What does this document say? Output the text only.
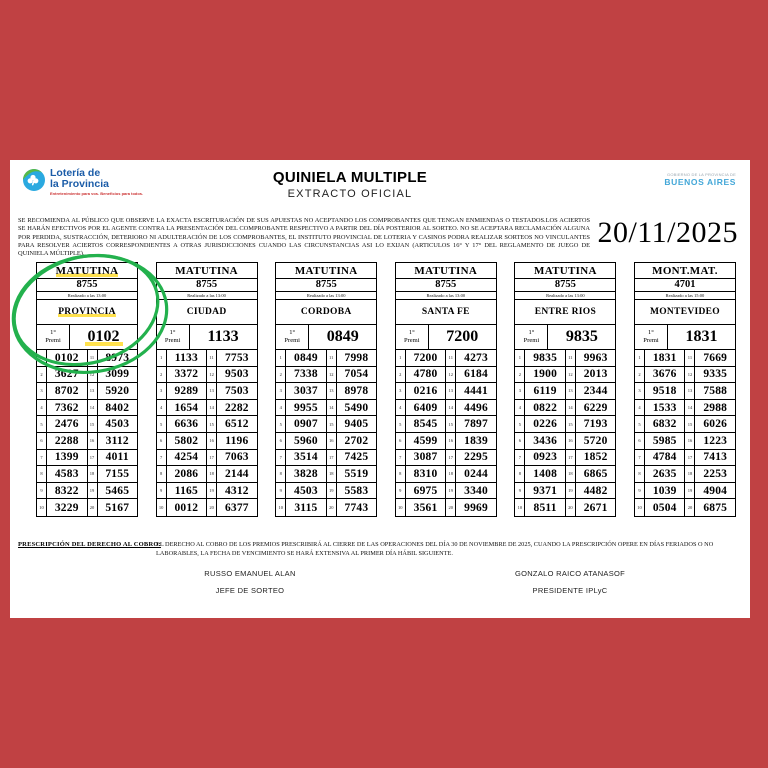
Lotería de
la Provincia
Entretenimiento para vos. Beneficios para todos.
QUINIELA MULTIPLE
EXTRACTO OFICIAL
GOBIERNO DE LA PROVINCIA DE
BUENOS AIRES
SE RECOMIENDA AL PÚBLICO QUE OBSERVE LA EXACTA ESCRITURACIÓN DE SUS APUESTAS NO ACEPTANDO LOS COMPROBANTES QUE TENGAN ENMIENDAS O TESTADOS.LOS ACIERTOS SE HARÁN EFECTIVOS POR EL AGENTE CONTRA LA PRESENTACIÓN DEL COMPROBANTE RESPECTIVO A PARTIR DEL DÍA POSTERIOR AL SORTEO. NO SE ACEPTARA RECLAMACIÓN ALGUNA POR PERDIDA, SUSTRACCIÓN, DETERIORO NI ADULTERACIÓN DE LOS COMPROBANTES, EL INSTITUTO PROVINCIAL DE LOTERIA Y CASINOS PODRA REALIZAR SORTEOS NO VINCULANTES PARA RESOLVER ACIERTOS CORRESPONDIENTES A OTRAS JURISDICCIONES CUANDO LAS CIRCUNSTANCIAS ASI LO EXIJAN (ARTICULOS 16° Y 17° DEL REGLAMENTO DE JUEGO DE QUINIELA MÚLTIPLE).
20/11/2025
MATUTINA
8755
Realizado a las 13:00
PROVINCIA
1°
Premi	0102
1	0102	11 8973
2	3627	12 3099
3	8702	13 5920
4	7362	14 8402
5	2476	15 4503
6	2288	16 3112
7	1399	17 4011
8	4583	18 7155
9	8322	19 5465
10 3229	20 5167
MATUTINA
8755
Realizado a las 13:00
CIUDAD
1°
Premi	1133
1	1133	11 7753
2	3372	12 9503
3	9289	13 7503
4	1654	14 2282
5	6636	15 6512
6	5802	16 1196
7	4254	17 7063
8	2086	18 2144
9	1165	19 4312
10 0012	20 6377
MATUTINA
8755
Realizado a las 13:00
CORDOBA
1°
Premi	0849
1	0849	11 7998
2	7338	12 7054
3	3037	13 8978
4	9955	14 5490
5	0907	15 9405
6	5960	16 2702
7	3514	17 7425
8	3828	18 5519
9	4503	19 5583
10 3115	20 7743
MATUTINA
8755
Realizado a las 13:00
SANTA FE
1°
Premi	7200
1	7200	11 4273
2	4780	12 6184
3	0216	13 4441
4	6409	14 4496
5	8545	15 7897
6	4599	16 1839
7	3087	17 2295
8	8310	18 0244
9	6975	19 3340
10 3561	20 9969
MATUTINA
8755
Realizado a las 13:00
ENTRE RIOS
1°
Premi	9835
1	9835	11 9963
2	1900	12 2013
3	6119	13 2344
4	0822	14 6229
5	0226	15 7193
6	3436	16 5720
7	0923	17 1852
8	1408	18 6865
9	9371	19 4482
10 8511	20 2671
MONT.MAT.
4701
Realizado a las 15:00
MONTEVIDEO
1°
Premi	1831
1	1831	11 7669
2	3676	12 9335
3	9518	13 7588
4	1533	14 2988
5	6832	15 6026
6	5985	16 1223
7	4784	17 7413
8	2635	18 2253
9	1039	19 4904
10 0504	20 6875
PRESCRIPCIÓN DEL DERECHO AL COBRO:
EL DERECHO AL COBRO DE LOS PREMIOS PRESCRIBIRÁ AL CIERRE DE LAS OPERACIONES DEL DÍA 30 DE NOVIEMBRE DE 2025, CUANDO LA PRESCRIPCIÓN OPERE EN DÍAS FERIADOS O NO LABORABLES, LA FECHA DE VENCIMIENTO SE HARÁ EXTENSIVA AL PRIMER DÍA HÁBIL SIGUIENTE.
RUSSO EMANUEL ALAN
JEFE DE SORTEO
GONZALO RAICO ATANASOF
PRESIDENTE IPLyC
